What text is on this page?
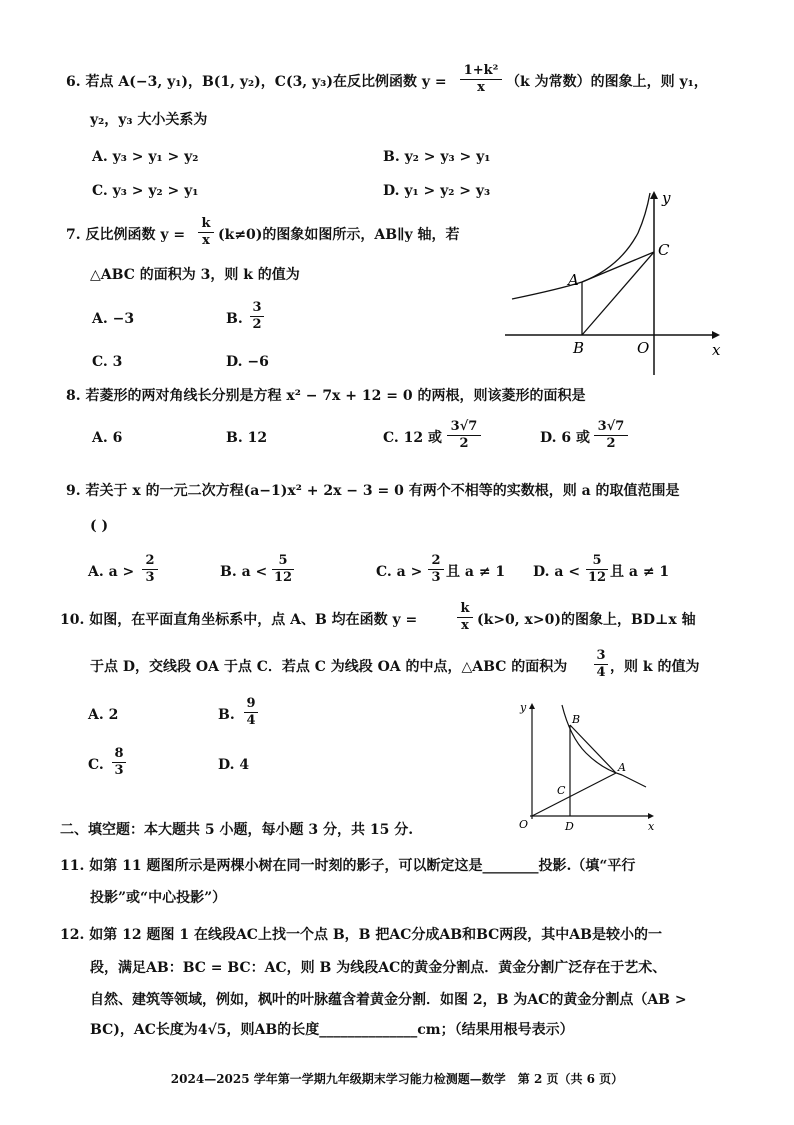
6. 若点 A(−3, y₁)，B(1, y₂)，C(3, y₃)在反比例函数 $y = \frac{\text{1+k²}}{x} (k$ 为常数）的图象上，则 y₁，
y₂，y₃ 大小关系为
A. y₃ > y₁ > y₂	B. y₂ > y₃ > y₁
C. y₃ > y₂ > y₁	D. y₁ > y₂ > y₃
7. 反比例函数 $y = \frac{k}{x} (k\ne 0)$的图象如图所示，AB∥y 轴，若
△ABC 的面积为 3，则 k 的值为
A. −3	B. $\frac{3}{2}$
C. 3	D. −6
y
C
A
B	O	x
8. 若菱形的两对角线长分别是方程 x² − 7x + 12 = 0 的两根，则该菱形的面积是
A. 6	B. 12	C. 12 或 $\frac{3√7}{2}$	D. 6 或 $\frac{3√7}{2}$
9. 若关于 x 的一元二次方程(a−1)x² + 2x − 3 = 0 有两个不相等的实数根，则 a 的取值范围是
( )
A. $a > \frac{2}{3}$	B. $a < \frac{5}{12}$	C. $a > \frac{2}{3}$ 且 a ≠ 1 D. $a < \frac{5}{12}$ 且 a ≠ 1
10. 如图，在平面直角坐标系中，点 A、B 均在函数 y =	$\frac{k}{x} (k>0$, x>0)的图象上，BD⊥x 轴
于点 D，交线段 OA 于点 C．若点 C 为线段 OA 的中点，△ABC 的面积为 $\frac{3}{4}$ ，则 k 的值为
A. 2	B. $\frac{9}{4}$
C. $\frac{8}{3}$	D. 4
y
B
A
C
O	D	x
二、填空题：本大题共 5 小题，每小题 3 分，共 15 分.
11. 如第 11 题图所示是两棵小树在同一时刻的影子，可以断定这是________投影.（填“平行
投影”或“中心投影”）
12. 如第 12 题图 1 在线段AC上找一个点 B，B 把AC分成AB和BC两段，其中AB是较小的一
段，满足AB：BC = BC：AC，则 B 为线段AC的黄金分割点．黄金分割广泛存在于艺术、
自然、建筑等领域，例如，枫叶的叶脉蕴含着黄金分割．如图 2，B 为AC的黄金分割点（AB >
BC)，AC长度为4√5，则AB的长度______________cm；（结果用根号表示）
2024—2025 学年第一学期九年级期末学习能力检测题—数学　第 2 页（共 6 页）
